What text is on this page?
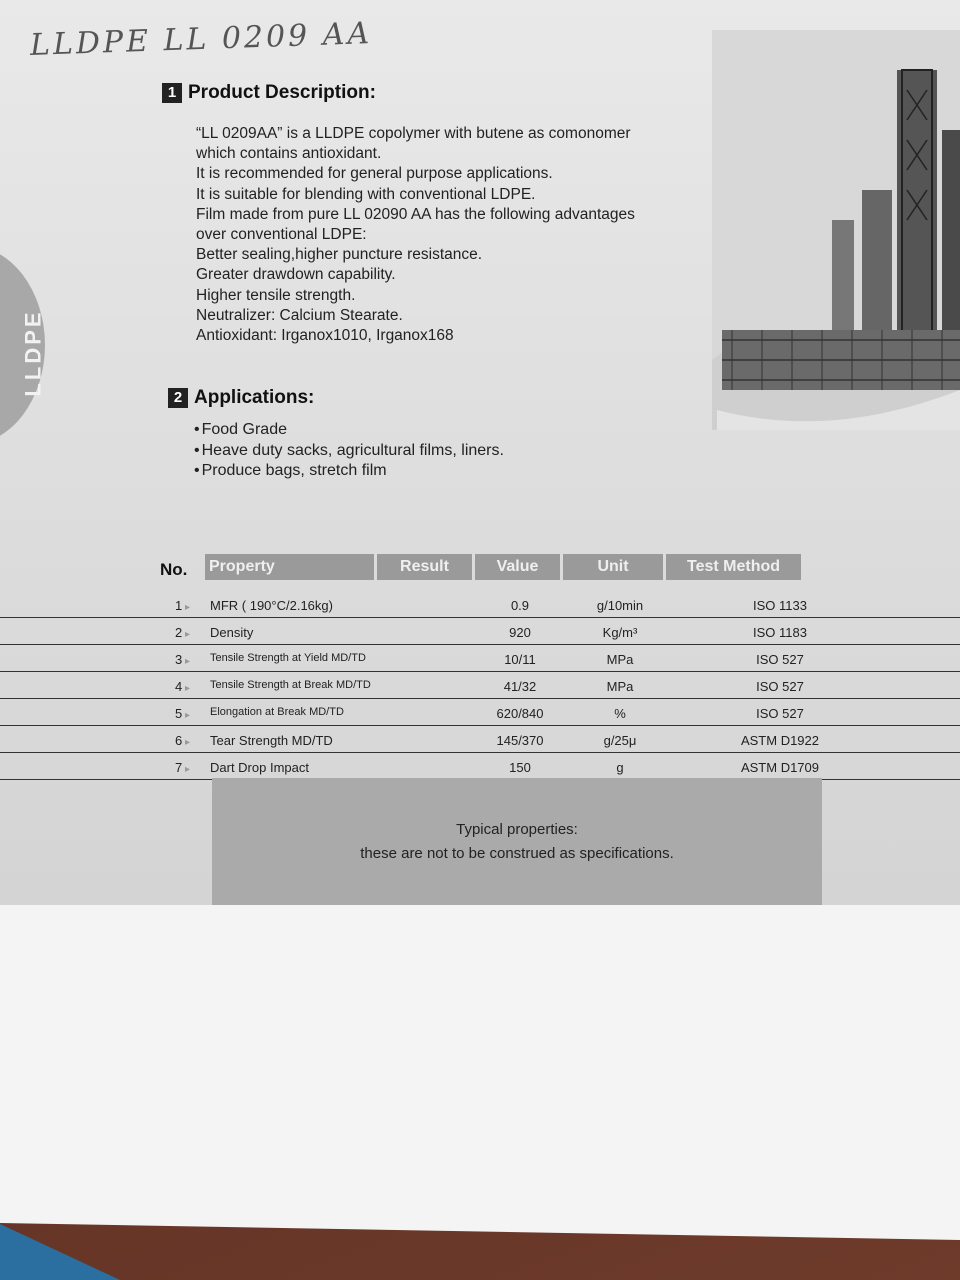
LLDPE LL 0209 AA
LLDPE
1 Product Description:
“LL 0209AA” is a LLDPE copolymer with butene as comonomer
which contains antioxidant.
It is recommended for general purpose applications.
It is suitable for blending with conventional LDPE.
Film made from pure LL 02090 AA has the following advantages
over conventional LDPE:
Better sealing,higher puncture resistance.
Greater drawdown capability.
Higher tensile strength.
Neutralizer: Calcium Stearate.
Antioxidant: Irganox1010, Irganox168
2 Applications:
• Food Grade
• Heave duty sacks, agricultural films, liners.
• Produce bags, stretch film
No. Property	Result	Value	Unit	Test Method
1 ▸	MFR ( 190°C/2.16kg)	0.9	g/10min	ISO 1133
2 ▸	Density	920	Kg/m³	ISO 1183
3 ▸	Tensile Strength at Yield MD/TD	10/11	MPa	ISO 527
4 ▸	Tensile Strength at Break MD/TD	41/32	MPa	ISO 527
5 ▸	Elongation at Break MD/TD	620/840	%	ISO 527
6 ▸	Tear Strength MD/TD	145/370	g/25μ	ASTM D1922
7 ▸	Dart Drop Impact	150	g	ASTM D1709
Typical properties:
these are not to be construed as specifications.
